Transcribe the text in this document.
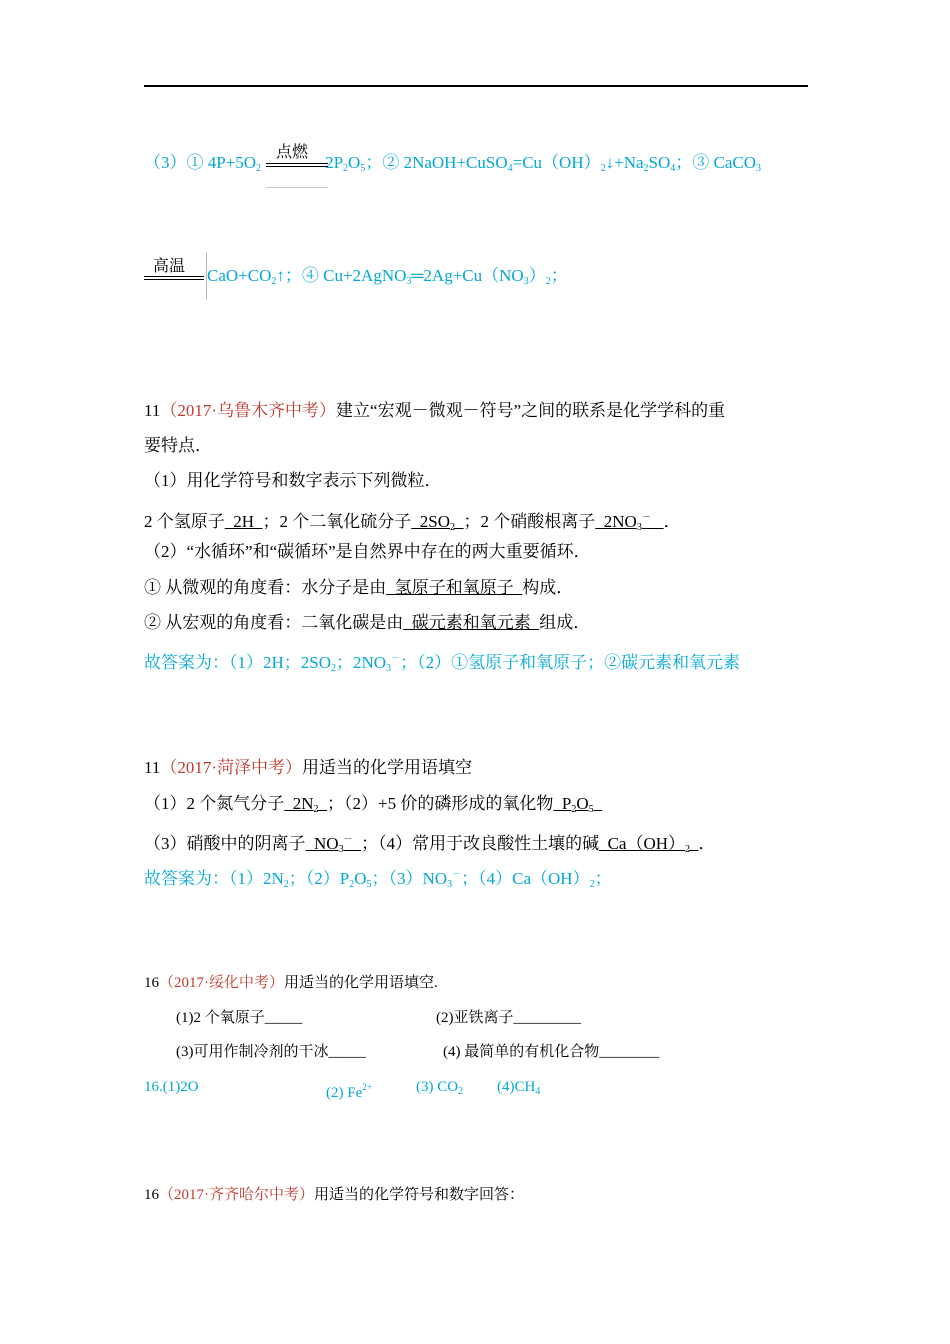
（3）① $4P+5O_2$	$2P_2O_5$；② $2NaOH+CuSO_4=Cu(OH)_2↓+Na_2SO_4$；③ CaCO$_3$
点燃
高温
$CaO+CO_2↑$；④ $Cu+2AgNO_3═2Ag+Cu(NO_3)_2$；
11（2017·乌鲁木齐中考）建立“宏观－微观－符号”之间的联系是化学学科的重
要特点．
（1）用化学符号和数字表示下列微粒．
2 个氢原子  2H  ；2 个二氧化硫分子  $2SO_2$ ；2 个硝酸根离子  $2NO_3^-$ ．
（2）“水循环”和“碳循环”是自然界中存在的两大重要循环．
① 从微观的角度看：水分子是由  氢原子和氧原子  构成．
② 从宏观的角度看：二氧化碳是由  碳元素和氧元素  组成．
故答案为：（1）2H；$2SO_2$；$2NO_3^-$；（2）①氢原子和氧原子；②碳元素和氧元素
11（2017·菏泽中考）用适当的化学用语填空
（1）2 个氮气分子  $2N_2$ ；（2）+5 价的磷形成的氧化物  $P_2O_5$
（3）硝酸中的阴离子  $NO_3^-$ ；（4）常用于改良酸性土壤的碱  $Ca(OH)_2$ ．
故答案为：$(1)2N_2$；$(2)P_2O_5$；$(3)NO_3^-$；$(4)Ca(OH)_2$；
16（2017·绥化中考）用适当的化学用语填空.
(1)2 个氧原子_____	(2)亚铁离子_________
(3)可用作制冷剂的干冰_____	(4) 最简单的有机化合物________
16.(1)2O	(2) $Fe^{2+}$	(3) $CO_2$ $(4)CH_4$
16（2017·齐齐哈尔中考）用适当的化学符号和数字回答：
